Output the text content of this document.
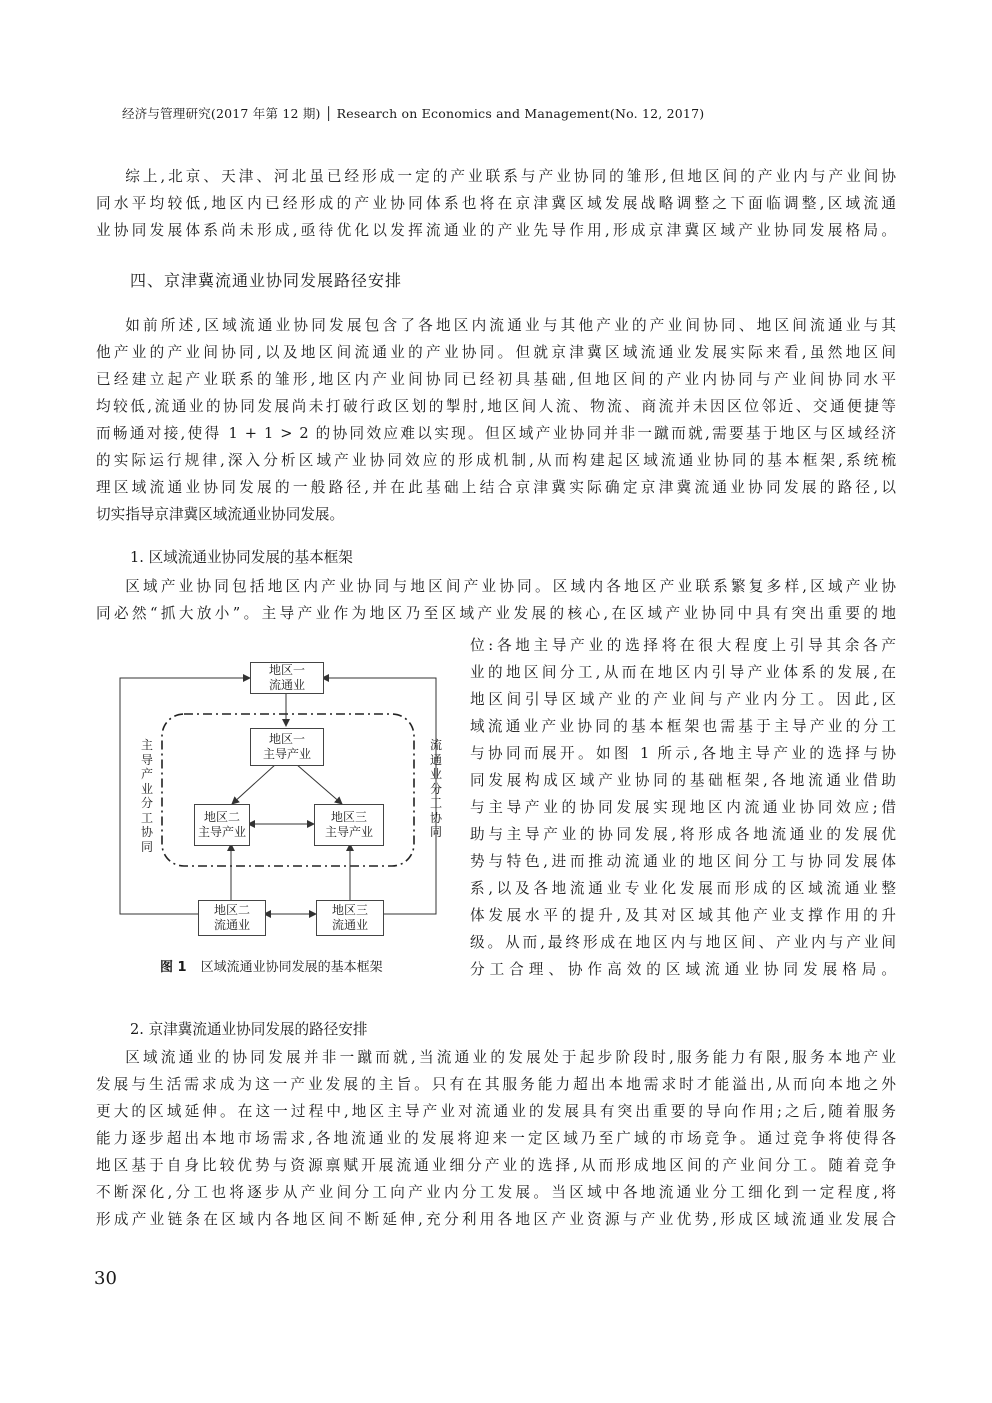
经济与管理研究(2017 年第 12 期) │ Research on Economics and Management(No. 12, 2017)
综上,北京、天津、河北虽已经形成一定的产业联系与产业协同的雏形,但地区间的产业内与产业间协
同水平均较低,地区内已经形成的产业协同体系也将在京津冀区域发展战略调整之下面临调整,区域流通
业协同发展体系尚未形成,亟待优化以发挥流通业的产业先导作用,形成京津冀区域产业协同发展格局。
四、京津冀流通业协同发展路径安排
如前所述,区域流通业协同发展包含了各地区内流通业与其他产业的产业间协同、地区间流通业与其
他产业的产业间协同,以及地区间流通业的产业协同。但就京津冀区域流通业发展实际来看,虽然地区间
已经建立起产业联系的雏形,地区内产业间协同已经初具基础,但地区间的产业内协同与产业间协同水平
均较低,流通业的协同发展尚未打破行政区划的掣肘,地区间人流、物流、商流并未因区位邻近、交通便捷等
而畅通对接,使得 1 + 1 > 2 的协同效应难以实现。但区域产业协同并非一蹴而就,需要基于地区与区域经济
的实际运行规律,深入分析区域产业协同效应的形成机制,从而构建起区域流通业协同的基本框架,系统梳
理区域流通业协同发展的一般路径,并在此基础上结合京津冀实际确定京津冀流通业协同发展的路径,以
切实指导京津冀区域流通业协同发展。
1. 区域流通业协同发展的基本框架
区域产业协同包括地区内产业协同与地区间产业协同。区域内各地区产业联系繁复多样,区域产业协
同必然“抓大放小”。主导产业作为地区乃至区域产业发展的核心,在区域产业协同中具有突出重要的地
位:各地主导产业的选择将在很大程度上引导其余各产
业的地区间分工,从而在地区内引导产业体系的发展,在
地区间引导区域产业的产业间与产业内分工。因此,区
域流通业产业协同的基本框架也需基于主导产业的分工
与协同而展开。如图 1 所示,各地主导产业的选择与协
同发展构成区域产业协同的基础框架,各地流通业借助
与主导产业的协同发展实现地区内流通业协同效应;借
助与主导产业的协同发展,将形成各地流通业的发展优
势与特色,进而推动流通业的地区间分工与协同发展体
系,以及各地流通业专业化发展而形成的区域流通业整
体发展水平的提升,及其对区域其他产业支撑作用的升
级。从而,最终形成在地区内与地区间、产业内与产业间
分工合理、协作高效的区域流通业协同发展格局。
地区一
流通业
地区一
主导产业
地区二
主导产业
地区三
主导产业
地区二
流通业
地区三
流通业
主导产业分工协同
流通业分工协同
图 1 区域流通业协同发展的基本框架
2. 京津冀流通业协同发展的路径安排
区域流通业的协同发展并非一蹴而就,当流通业的发展处于起步阶段时,服务能力有限,服务本地产业
发展与生活需求成为这一产业发展的主旨。只有在其服务能力超出本地需求时才能溢出,从而向本地之外
更大的区域延伸。在这一过程中,地区主导产业对流通业的发展具有突出重要的导向作用;之后,随着服务
能力逐步超出本地市场需求,各地流通业的发展将迎来一定区域乃至广域的市场竞争。通过竞争将使得各
地区基于自身比较优势与资源禀赋开展流通业细分产业的选择,从而形成地区间的产业间分工。随着竞争
不断深化,分工也将逐步从产业间分工向产业内分工发展。当区域中各地流通业分工细化到一定程度,将
形成产业链条在区域内各地区间不断延伸,充分利用各地区产业资源与产业优势,形成区域流通业发展合
30
